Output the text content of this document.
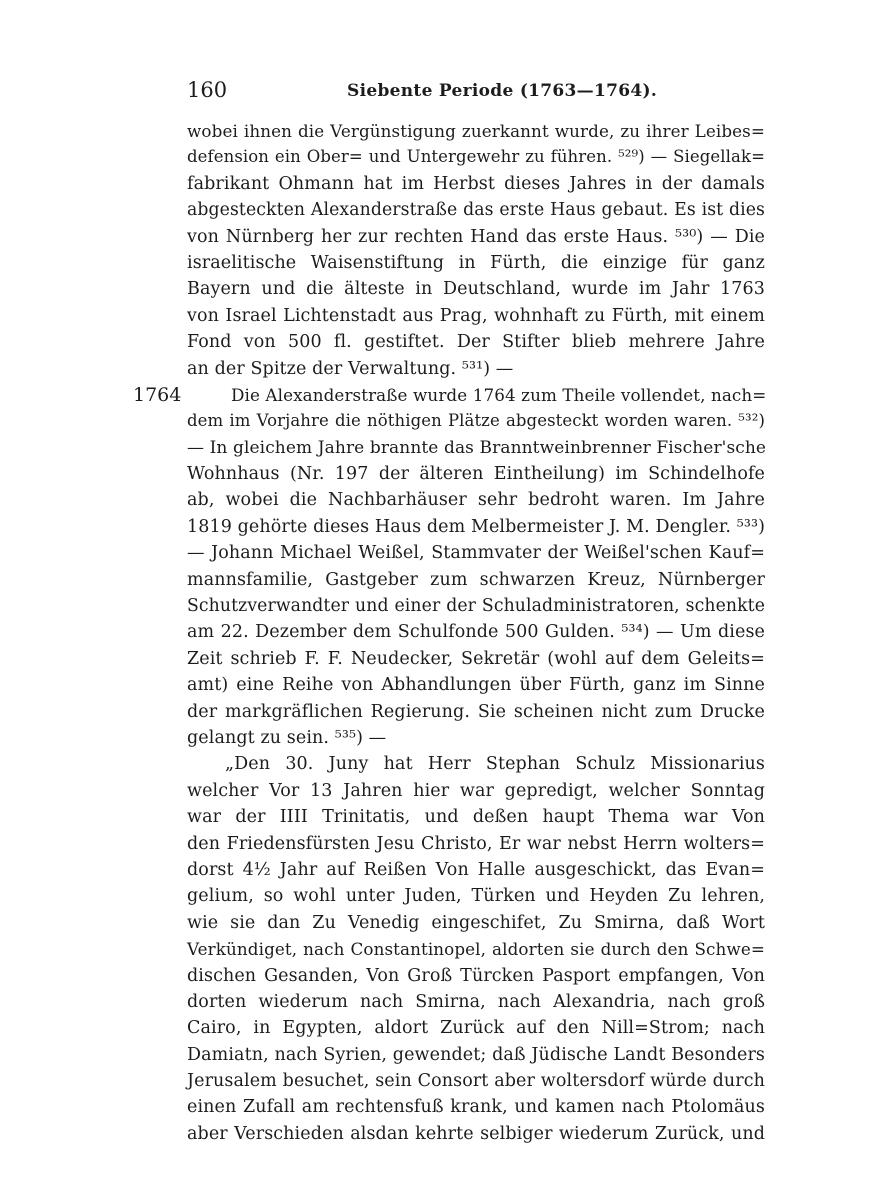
160	Siebente Periode (1763—1764).
1764
wobei ihnen die Vergünstigung zuerkannt wurde, zu ihrer Leibes=
defension ein Ober= und Untergewehr zu führen. ⁵²⁹) — Siegellak=
fabrikant Ohmann hat im Herbst dieses Jahres in der damals
abgesteckten Alexanderstraße das erste Haus gebaut. Es ist dies
von Nürnberg her zur rechten Hand das erste Haus. ⁵³⁰) — Die
israelitische Waisenstiftung in Fürth, die einzige für ganz
Bayern und die älteste in Deutschland, wurde im Jahr 1763
von Israel Lichtenstadt aus Prag, wohnhaft zu Fürth, mit einem
Fond von 500 fl. gestiftet. Der Stifter blieb mehrere Jahre
an der Spitze der Verwaltung. ⁵³¹) —
Die Alexanderstraße wurde 1764 zum Theile vollendet, nach=
dem im Vorjahre die nöthigen Plätze abgesteckt worden waren. ⁵³²)
— In gleichem Jahre brannte das Branntweinbrenner Fischer'sche
Wohnhaus (Nr. 197 der älteren Eintheilung) im Schindelhofe
ab, wobei die Nachbarhäuser sehr bedroht waren. Im Jahre
1819 gehörte dieses Haus dem Melbermeister J. M. Dengler. ⁵³³)
— Johann Michael Weißel, Stammvater der Weißel'schen Kauf=
mannsfamilie, Gastgeber zum schwarzen Kreuz, Nürnberger
Schutzverwandter und einer der Schuladministratoren, schenkte
am 22. Dezember dem Schulfonde 500 Gulden. ⁵³⁴) — Um diese
Zeit schrieb F. F. Neudecker, Sekretär (wohl auf dem Geleits=
amt) eine Reihe von Abhandlungen über Fürth, ganz im Sinne
der markgräflichen Regierung. Sie scheinen nicht zum Drucke
gelangt zu sein. ⁵³⁵) —
„Den 30. Juny hat Herr Stephan Schulz Missionarius
welcher Vor 13 Jahren hier war gepredigt, welcher Sonntag
war der IIII Trinitatis, und deßen haupt Thema war Von
den Friedensfürsten Jesu Christo, Er war nebst Herrn wolters=
dorst 4½ Jahr auf Reißen Von Halle ausgeschickt, das Evan=
gelium, so wohl unter Juden, Türken und Heyden Zu lehren,
wie sie dan Zu Venedig eingeschifet, Zu Smirna, daß Wort
Verkündiget, nach Constantinopel, aldorten sie durch den Schwe=
dischen Gesanden, Von Groß Türcken Pasport empfangen, Von
dorten wiederum nach Smirna, nach Alexandria, nach groß
Cairo, in Egypten, aldort Zurück auf den Nill=Strom; nach
Damiatn, nach Syrien, gewendet; daß Jüdische Landt Besonders
Jerusalem besuchet, sein Consort aber woltersdorf würde durch
einen Zufall am rechtensfuß krank, und kamen nach Ptolomäus
aber Verschieden alsdan kehrte selbiger wiederum Zurück, und
